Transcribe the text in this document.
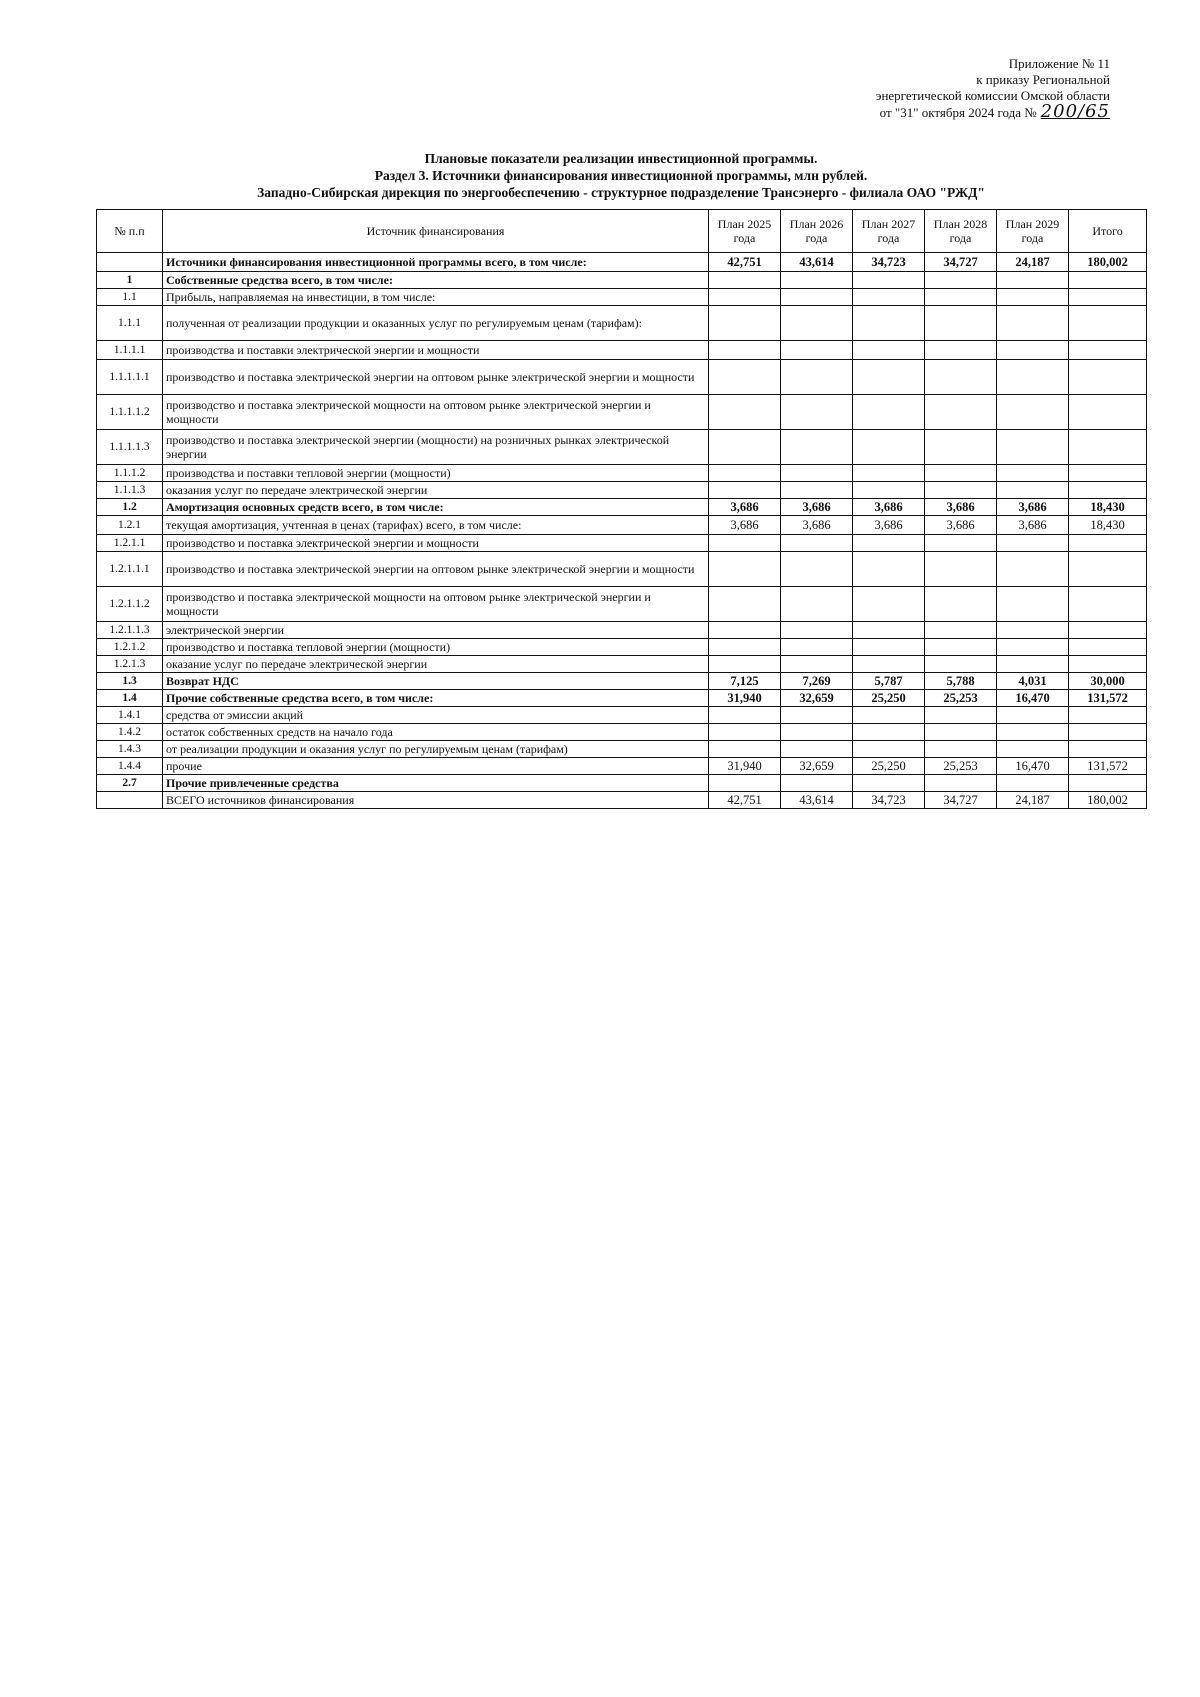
Приложение № 11
к приказу Региональной
энергетической комиссии Омской области
от "31" октября 2024 года № 200/65
Плановые показатели реализации инвестиционной программы.
Раздел 3. Источники финансирования инвестиционной программы, млн рублей.
Западно-Сибирская дирекция по энергообеспечению - структурное подразделение Трансэнерго - филиала ОАО "РЖД"
№ п.п	Источник финансирования	План 2025 года	План 2026 года	План 2027 года	План 2028 года	План 2029 года	Итого
	Источники финансирования инвестиционной программы всего, в том числе:	42,751	43,614	34,723	34,727	24,187	180,002
1	Собственные средства всего, в том числе:						
1.1	Прибыль, направляемая на инвестиции, в том числе:						
1.1.1	полученная от реализации продукции и оказанных услуг по регулируемым ценам (тарифам):						
1.1.1.1	производства и поставки электрической энергии и мощности						
1.1.1.1.1	производство и поставка электрической энергии на оптовом рынке электрической энергии и мощности						
1.1.1.1.2	производство и поставка электрической мощности на оптовом рынке электрической энергии и мощности						
1.1.1.1.3	производство и поставка электрической энергии (мощности) на розничных рынках электрической энергии						
1.1.1.2	производства и поставки тепловой энергии (мощности)						
1.1.1.3	оказания услуг по передаче электрической энергии						
1.2	Амортизация основных средств всего, в том числе:	3,686	3,686	3,686	3,686	3,686	18,430
1.2.1	текущая амортизация, учтенная в ценах (тарифах) всего, в том числе:	3,686	3,686	3,686	3,686	3,686	18,430
1.2.1.1	производство и поставка электрической энергии и мощности						
1.2.1.1.1	производство и поставка электрической энергии на оптовом рынке электрической энергии и мощности						
1.2.1.1.2	производство и поставка электрической мощности на оптовом рынке электрической энергии и мощности						
1.2.1.1.3	электрической энергии						
1.2.1.2	производство и поставка тепловой энергии (мощности)						
1.2.1.3	оказание услуг по передаче электрической энергии						
1.3	Возврат НДС	7,125	7,269	5,787	5,788	4,031	30,000
1.4	Прочие собственные средства всего, в том числе:	31,940	32,659	25,250	25,253	16,470	131,572
1.4.1	средства от эмиссии акций						
1.4.2	остаток собственных средств на начало года						
1.4.3	от реализации продукции и оказания услуг по регулируемым ценам (тарифам)						
1.4.4	прочие	31,940	32,659	25,250	25,253	16,470	131,572
2.7	Прочие привлеченные средства						
	ВСЕГО источников финансирования	42,751	43,614	34,723	34,727	24,187	180,002
